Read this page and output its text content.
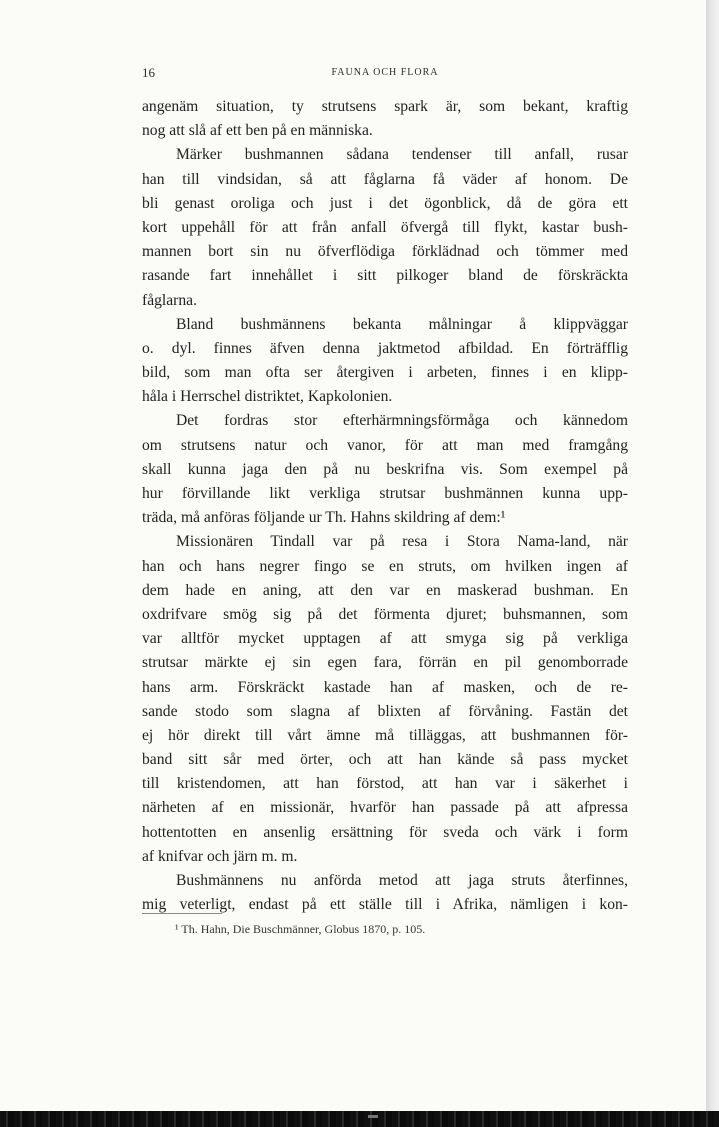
16	FAUNA OCH FLORA
angenäm situation, ty strutsens spark är, som bekant, kraftig
nog att slå af ett ben på en människa.
Märker bushmannen sådana tendenser till anfall, rusar
han till vindsidan, så att fåglarna få väder af honom. De
bli genast oroliga och just i det ögonblick, då de göra ett
kort uppehåll för att från anfall öfvergå till flykt, kastar bush-
mannen bort sin nu öfverflödiga förklädnad och tömmer med
rasande fart innehållet i sitt pilkoger bland de förskräckta
fåglarna.
Bland bushmännens bekanta målningar å klippväggar
o. dyl. finnes äfven denna jaktmetod afbildad. En förträfflig
bild, som man ofta ser återgiven i arbeten, finnes i en klipp-
håla i Herrschel distriktet, Kapkolonien.
Det fordras stor efterhärmningsförmåga och kännedom
om strutsens natur och vanor, för att man med framgång
skall kunna jaga den på nu beskrifna vis. Som exempel på
hur förvillande likt verkliga strutsar bushmännen kunna upp-
träda, må anföras följande ur Th. Hahns skildring af dem:¹
Missionären Tindall var på resa i Stora Nama-land, när
han och hans negrer fingo se en struts, om hvilken ingen af
dem hade en aning, att den var en maskerad bushman. En
oxdrifvare smög sig på det förmenta djuret; buhsmannen, som
var alltför mycket upptagen af att smyga sig på verkliga
strutsar märkte ej sin egen fara, förrän en pil genomborrade
hans arm. Förskräckt kastade han af masken, och de re-
sande stodo som slagna af blixten af förvåning. Fastän det
ej hör direkt till vårt ämne må tilläggas, att bushmannen för-
band sitt sår med örter, och att han kände så pass mycket
till kristendomen, att han förstod, att han var i säkerhet i
närheten af en missionär, hvarför han passade på att afpressa
hottentotten en ansenlig ersättning för sveda och värk i form
af knifvar och järn m. m.
Bushmännens nu anförda metod att jaga struts återfinnes,
mig veterligt, endast på ett ställe till i Afrika, nämligen i kon-
¹ Th. Hahn, Die Buschmänner, Globus 1870, p. 105.
